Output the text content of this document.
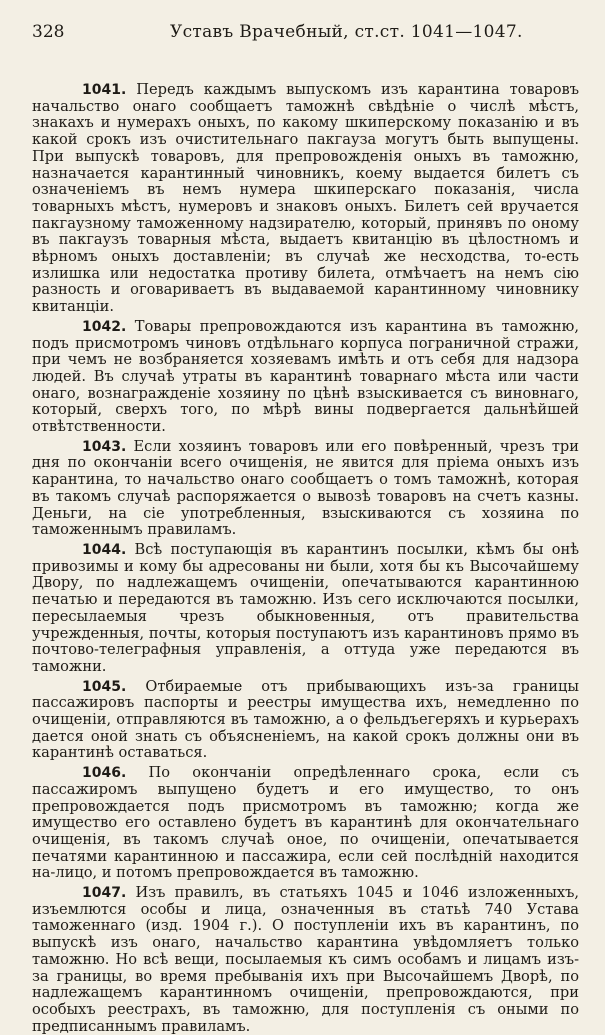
328	Уставъ Врачебный, ст.ст. 1041—1047.

1041. Передъ каждымъ выпускомъ изъ карантина товаровъ начальство онаго сообщаетъ таможнѣ свѣдѣнiе о числѣ мѣстъ, знакахъ и нумерахъ оныхъ, по какому шкиперскому показанiю и въ какой срокъ изъ очистительнаго пакгауза могутъ быть выпущены. При выпускѣ товаровъ, для препровожденiя оныхъ въ таможню, назначается карантинный чиновникъ, коему выдается билетъ съ означенiемъ въ немъ нумера шкиперскаго показанiя, числа товарныхъ мѣстъ, нумеровъ и знаковъ оныхъ. Билетъ сей вручается пакгаузному таможенному надзирателю, который, принявъ по оному въ пакгаузъ товарныя мѣста, выдаетъ квитанцiю въ цѣлостномъ и вѣрномъ оныхъ доставленiи; въ случаѣ же несходства, то-есть излишка или недостатка противу билета, отмѣчаетъ на немъ сiю разность и оговариваетъ въ выдаваемой карантинному чиновнику квитанцiи.

1042. Товары препровождаются изъ карантина въ таможню, подъ присмотромъ чиновъ отдѣльнаго корпуса пограничной стражи, при чемъ не возбраняется хозяевамъ имѣть и отъ себя для надзора людей. Въ случаѣ утраты въ карантинѣ товарнаго мѣста или части онаго, вознагражденiе хозяину по цѣнѣ взыскивается съ виновнаго, который, сверхъ того, по мѣрѣ вины подвергается дальнѣйшей отвѣтственности.

1043. Если хозяинъ товаровъ или его повѣренный, чрезъ три дня по окончанiи всего очищенiя, не явится для прiема оныхъ изъ карантина, то начальство онаго сообщаетъ о томъ таможнѣ, которая въ такомъ случаѣ распоряжается о вывозѣ товаровъ на счетъ казны. Деньги, на сiе употребленныя, взыскиваются съ хозяина по таможеннымъ правиламъ.

1044. Всѣ поступающiя въ карантинъ посылки, кѣмъ бы онѣ привозимы и кому бы адресованы ни были, хотя бы къ Высочайшему Двору, по надлежащемъ очищенiи, опечатываются карантинною печатью и передаются въ таможню. Изъ сего исключаются посылки, пересылаемыя чрезъ обыкновенныя, отъ правительства учрежденныя, почты, которыя поступаютъ изъ карантиновъ прямо въ почтово-телеграфныя управленiя, а оттуда уже передаются въ таможни.

1045. Отбираемые отъ прибывающихъ изъ-за границы пассажировъ паспорты и реестры имущества ихъ, немедленно по очищенiи, отправляются въ таможню, а о фельдъегеряхъ и курьерахъ дается оной знать съ объясненiемъ, на какой срокъ должны они въ карантинѣ оставаться.

1046. По окончанiи опредѣленнаго срока, если съ пассажиромъ выпущено будетъ и его имущество, то онъ препровождается подъ присмотромъ въ таможню; когда же имущество его оставлено будетъ въ карантинѣ для окончательнаго очищенiя, въ такомъ случаѣ оное, по очищенiи, опечатывается печатями карантинною и пассажира, если сей послѣднiй находится на-лицо, и потомъ препровождается въ таможню.

1047. Изъ правилъ, въ статьяхъ 1045 и 1046 изложенныхъ, изъемлются особы и лица, означенныя въ статьѣ 740 Устава таможеннаго (изд. 1904 г.). О поступленiи ихъ въ карантинъ, по выпускѣ изъ онаго, начальство карантина увѣдомляетъ только таможню. Но всѣ вещи, посылаемыя къ симъ особамъ и лицамъ изъ-за границы, во время пребыванiя ихъ при Высочайшемъ Дворѣ, по надлежащемъ карантинномъ очищенiи, препровождаются, при особыхъ реестрахъ, въ таможню, для поступленiя съ оными по предписаннымъ правиламъ.
